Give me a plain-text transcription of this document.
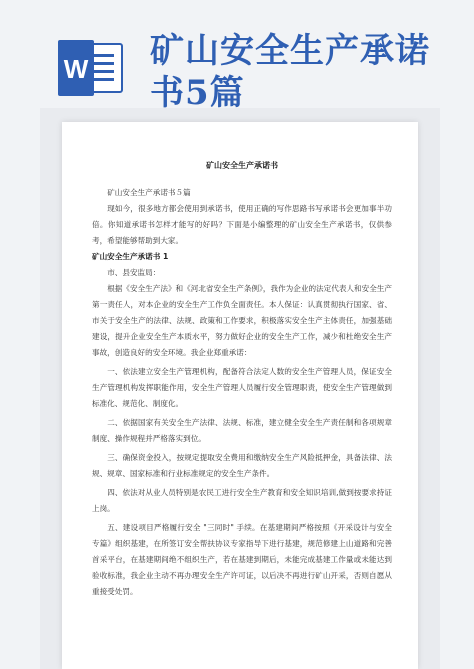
W 矿山安全生产承诺书5篇
矿山安全生产承诺书
矿山安全生产承诺书５篇
现如今，很多地方都会使用到承诺书，使用正确的写作思路书写承诺书会更加事半功倍。你知道承诺书怎样才能写的好吗？下面是小编整理的矿山安全生产承诺书，仅供参考，希望能够帮助到大家。
矿山安全生产承诺书 1
市、县安监局：
根据《安全生产法》和《河北省安全生产条例》，我作为企业的法定代表人和安全生产第一责任人，对本企业的安全生产工作负全面责任。本人保证：认真贯彻执行国家、省、市关于安全生产的法律、法规、政策和工作要求，积极落实安全生产主体责任，加强基础建设，提升企业安全生产本质水平，努力做好企业的安全生产工作，减少和杜绝安全生产事故，创造良好的安全环境。我企业郑重承诺：
一、依法建立安全生产管理机构，配备符合法定人数的安全生产管理人员，保证安全生产管理机构发挥职能作用，安全生产管理人员履行安全管理职责，使安全生产管理做到标准化、规范化、制度化。
二、依据国家有关安全生产法律、法规、标准，建立健全安全生产责任制和各项规章制度、操作规程并严格落实到位。
三、确保资金投入，按规定提取安全费用和缴纳安全生产风险抵押金，具备法律、法规、规章、国家标准和行业标准规定的安全生产条件。
四、依法对从业人员特别是农民工进行安全生产教育和安全知识培训,做到按要求持证上岗。
五、建设项目严格履行安全 "三同时" 手续。在基建期间严格按照《开采设计与安全专篇》组织基建，在所签订安全帮扶协议专家指导下进行基建，规范修建上山道路和完善首采平台，在基建期间绝不组织生产，若在基建到期后，未能完成基建工作量或未能达到验收标准，我企业主动不再办理安全生产许可证，以后决不再进行矿山开采，否则自愿从重接受处罚。
